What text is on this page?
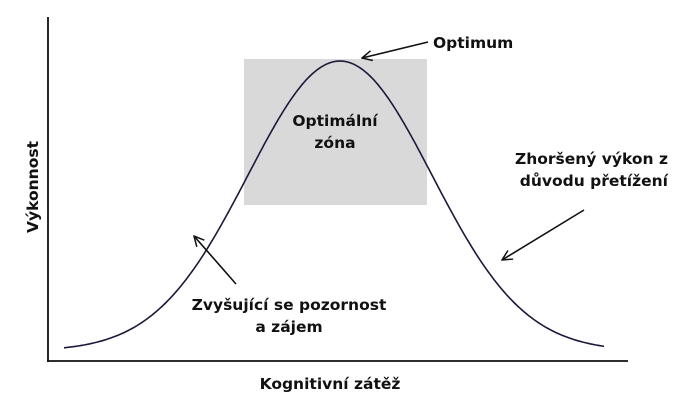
Optimum
Optimální
zóna
Zhoršený výkon z
důvodu přetížení
Zvyšující se pozornost
a zájem
Kognitivní zátěž
Výkonnost
